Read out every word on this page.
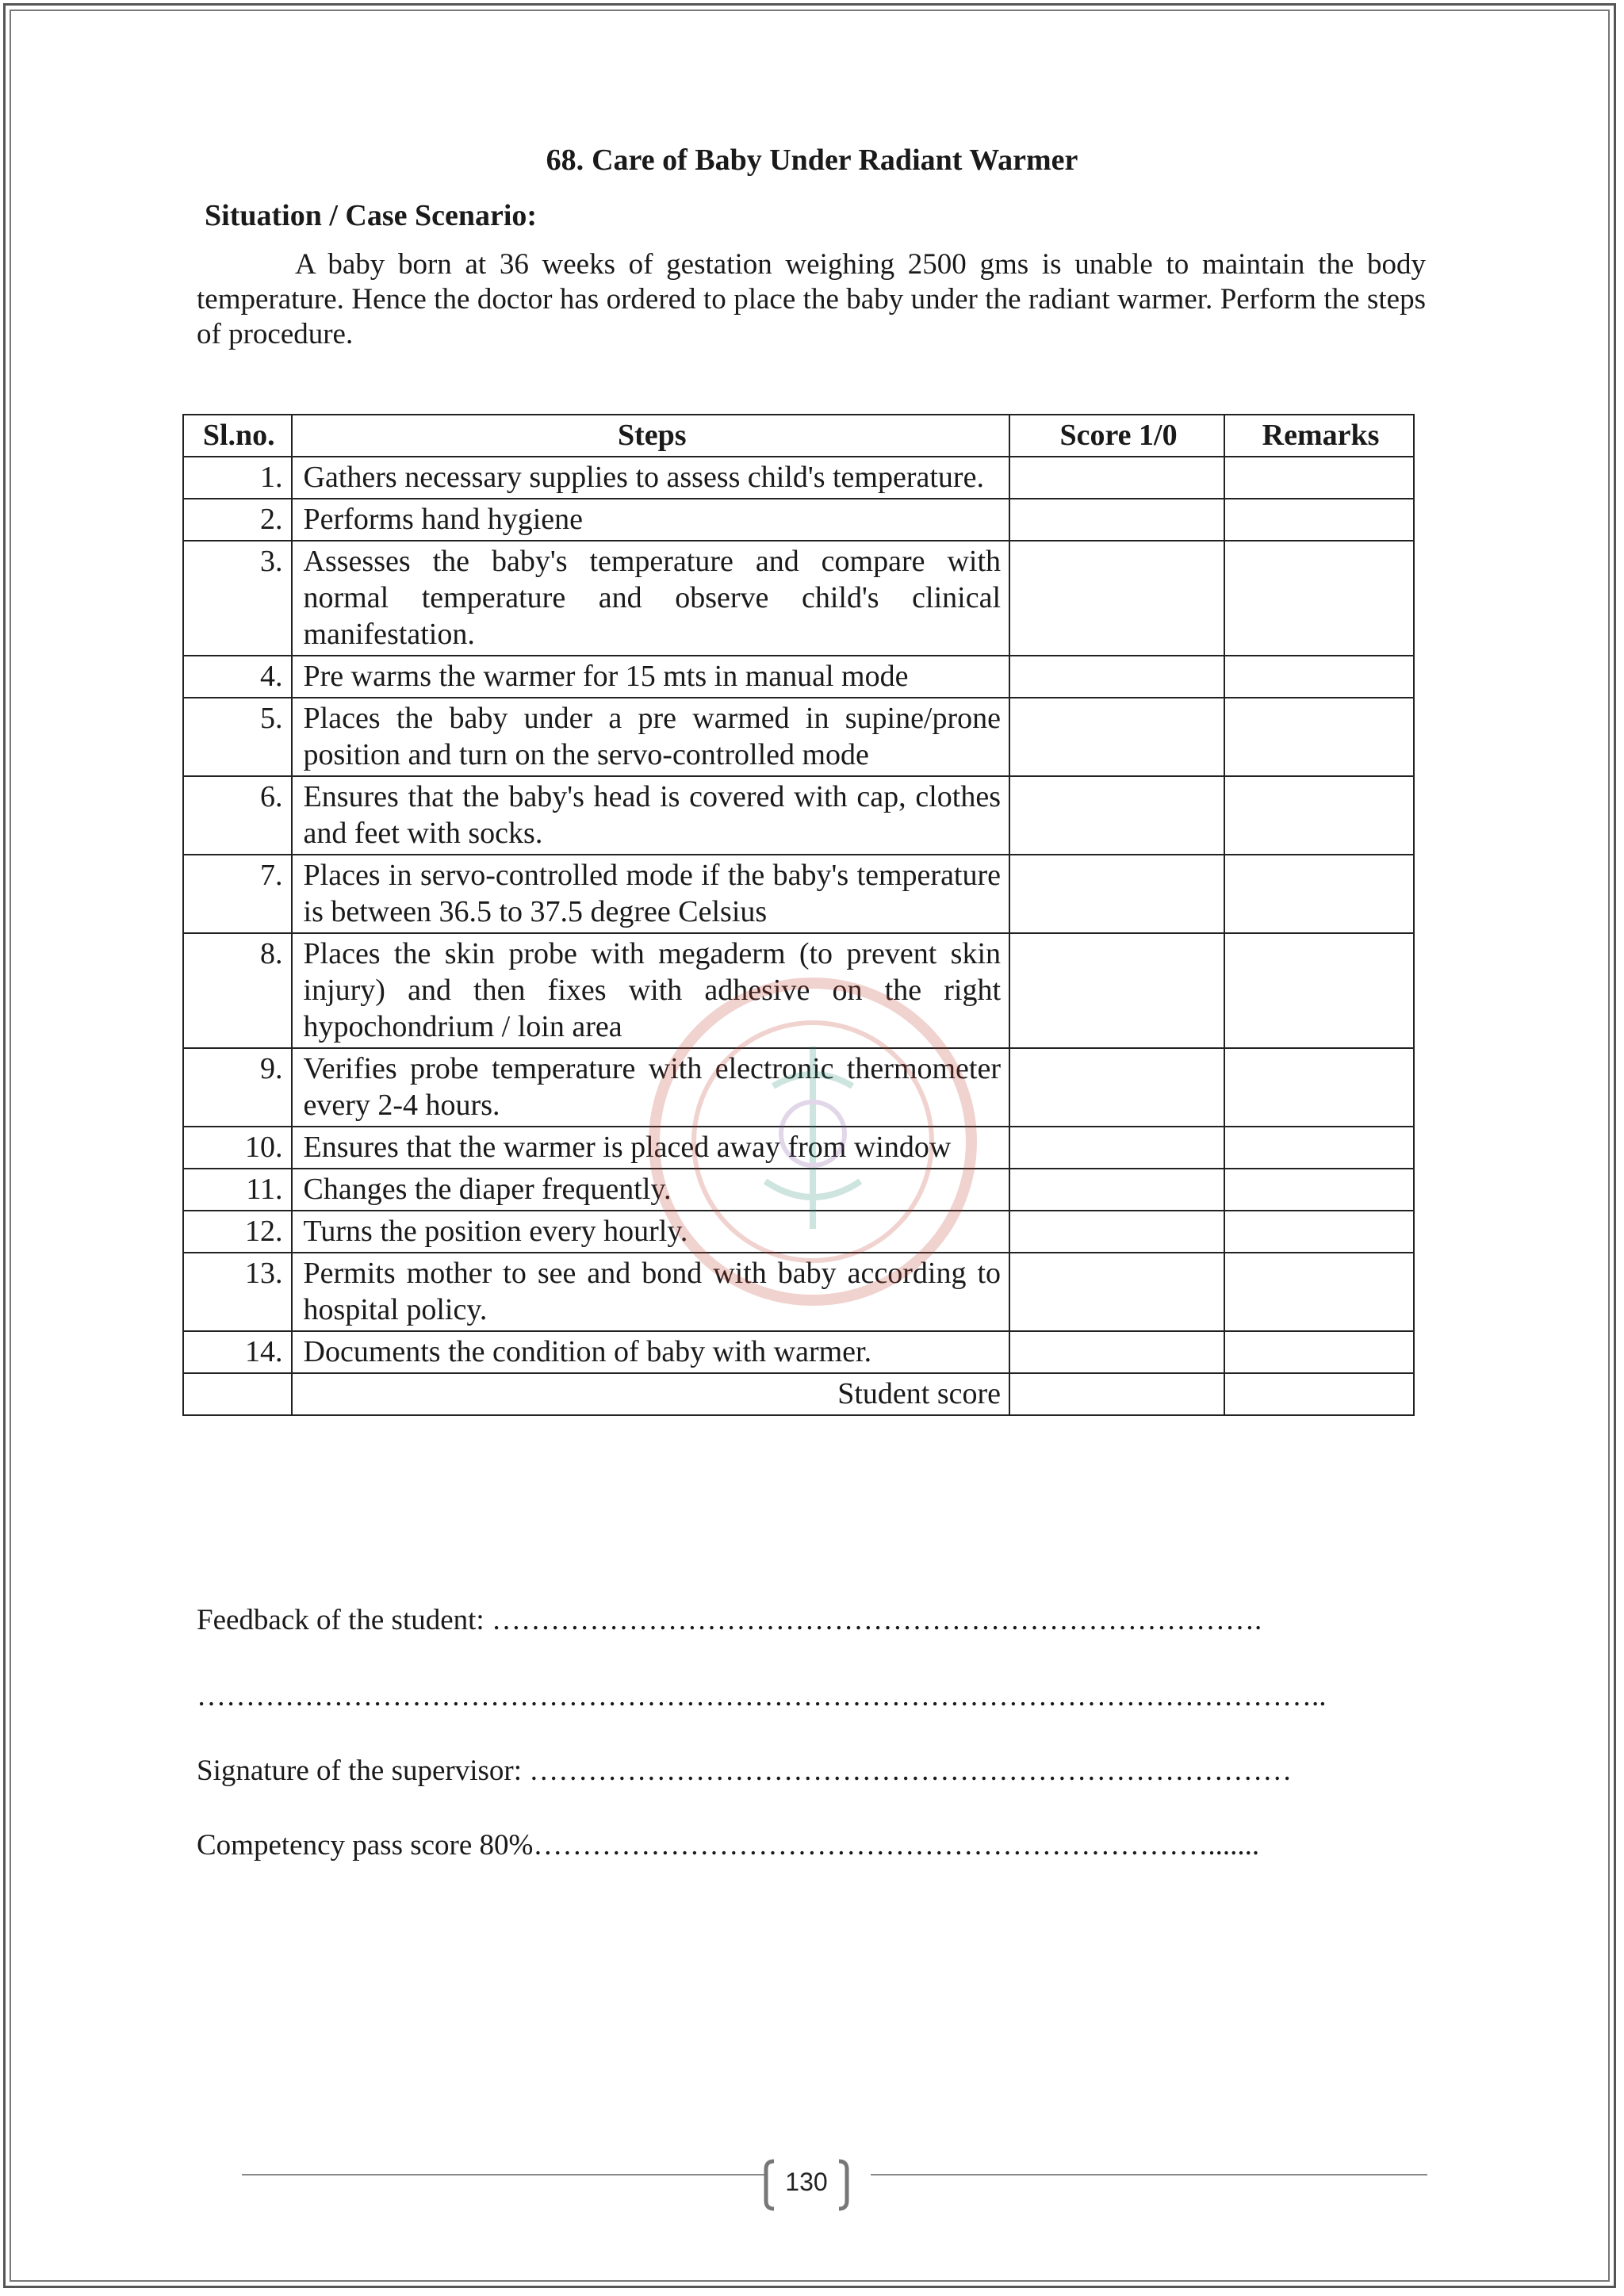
68. Care of Baby Under Radiant Warmer
Situation / Case Scenario:
A baby born at 36 weeks of gestation weighing 2500 gms is unable to maintain the body temperature. Hence the doctor has ordered to place the baby under the radiant warmer. Perform the steps of procedure.
Sl.no.	Steps	Score 1/0	Remarks
1.	Gathers necessary supplies to assess child's temperature.		
2.	Performs hand hygiene		
3.	Assesses the baby's temperature and compare with normal temperature and observe child's clinical manifestation.		
4.	Pre warms the warmer for 15 mts in manual mode		
5.	Places the baby under a pre warmed in supine/prone position and turn on the servo-controlled mode		
6.	Ensures that the baby's head is covered with cap, clothes and feet with socks.		
7.	Places in servo-controlled mode if the baby's temperature is between 36.5 to 37.5 degree Celsius		
8.	Places the skin probe with megaderm (to prevent skin injury) and then fixes with adhesive on the right hypochondrium / loin area		
9.	Verifies probe temperature with electronic thermometer every 2-4 hours.		
10.	Ensures that the warmer is placed away from window		
11.	Changes the diaper frequently.		
12.	Turns the position every hourly.		
13.	Permits mother to see and bond with baby according to hospital policy.		
14.	Documents the condition of baby with warmer.		
	Student score		
Feedback of the student: …………………………………………………………………….
……………………………………………………………………………………………………..
Signature of the supervisor: ……………………………………………………………………
Competency pass score 80%…………………………………………………………….......
130
